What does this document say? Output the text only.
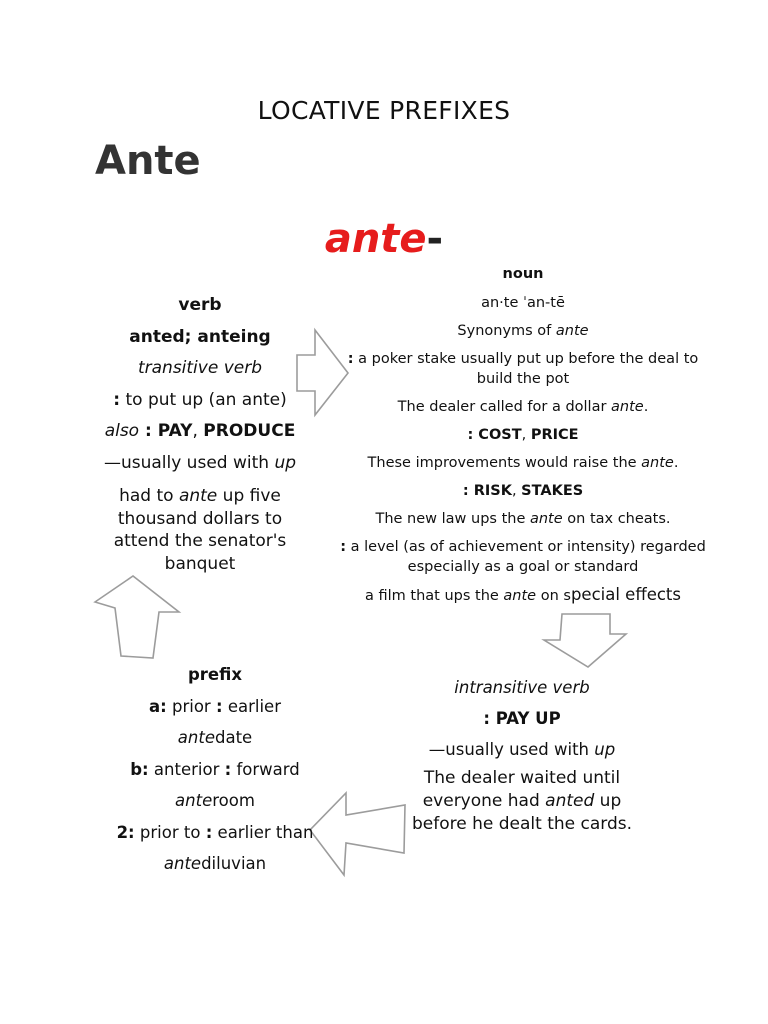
LOCATIVE PREFIXES
Ante
ante-
verb
anted; anteing
transitive verb
: to put up (an ante)
also : PAY, PRODUCE
—usually used with up
had to ante up five thousand dollars to attend the senator's banquet
noun
an·te ˈan-tē
Synonyms of ante
: a poker stake usually put up before the deal to build the pot
The dealer called for a dollar ante.
: COST, PRICE
These improvements would raise the ante.
: RISK, STAKES
The new law ups the ante on tax cheats.
: a level (as of achievement or intensity) regarded especially as a goal or standard
a film that ups the ante on special effects
intransitive verb
: PAY UP
—usually used with up
The dealer waited until everyone had anted up before he dealt the cards.
prefix
a: prior : earlier
antedate
b: anterior : forward
anteroom
2: prior to : earlier than
antediluvian
